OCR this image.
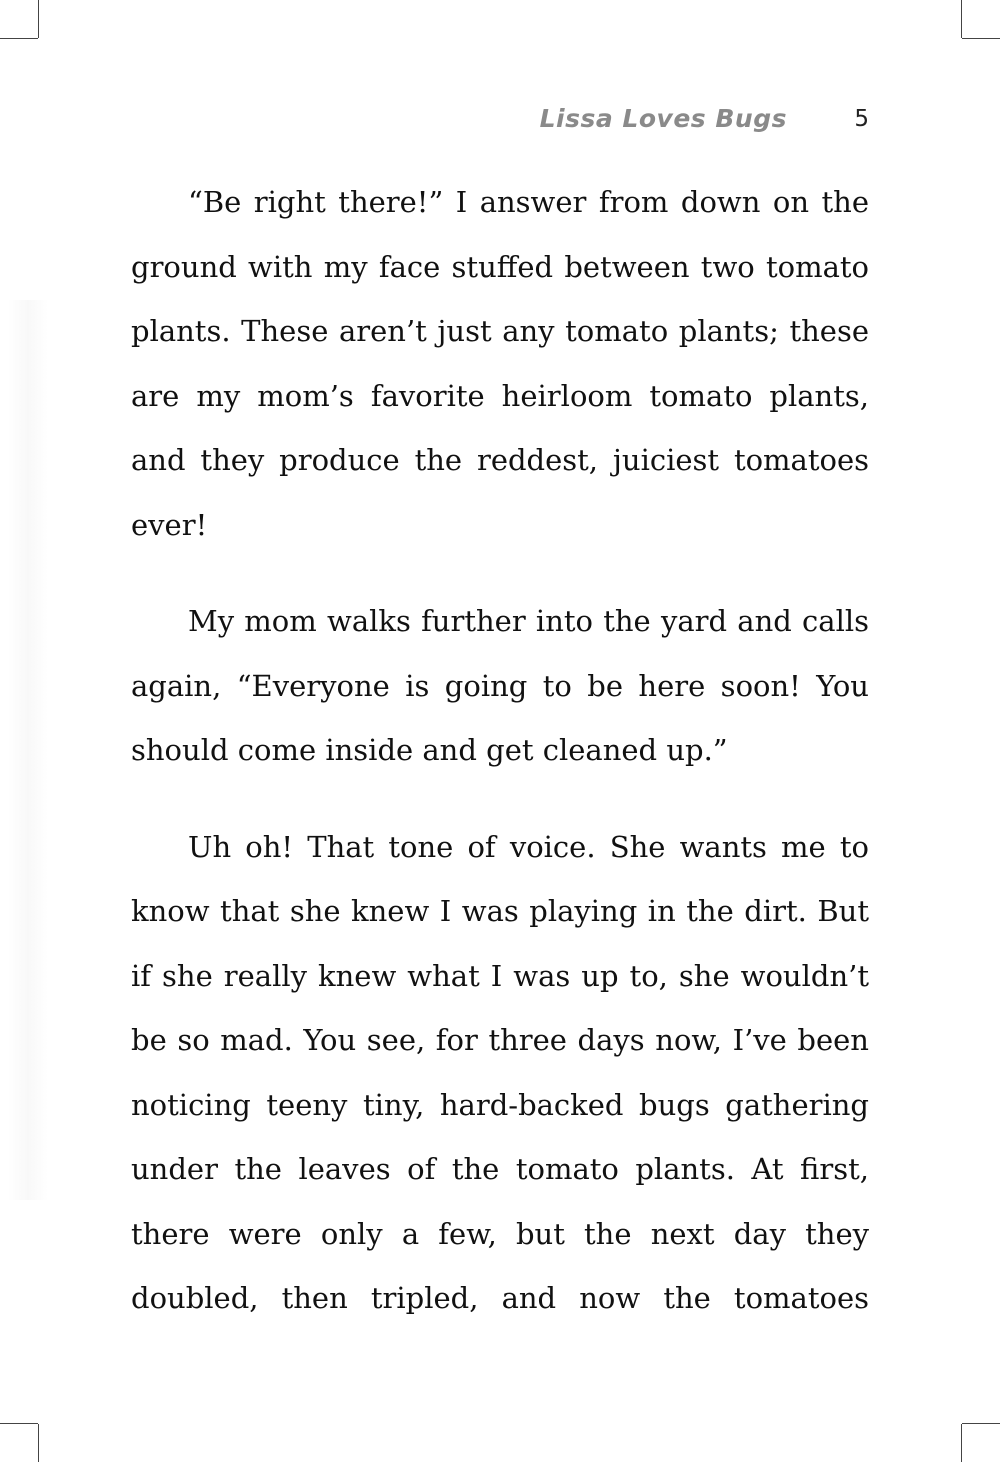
Lissa Loves Bugs	5

“Be right there!” I answer from down on the ground with my face stuffed between two tomato plants. These aren’t just any tomato plants; these are my mom’s favorite heirloom tomato plants, and they produce the reddest, juiciest tomatoes ever!

My mom walks further into the yard and calls again, “Everyone is going to be here soon! You should come inside and get cleaned up.”

Uh oh! That tone of voice. She wants me to know that she knew I was playing in the dirt. But if she really knew what I was up to, she wouldn’t be so mad. You see, for three days now, I’ve been noticing teeny tiny, hard-backed bugs gathering under the leaves of the tomato plants. At first, there were only a few, but the next day they doubled, then tripled, and now the tomatoes
